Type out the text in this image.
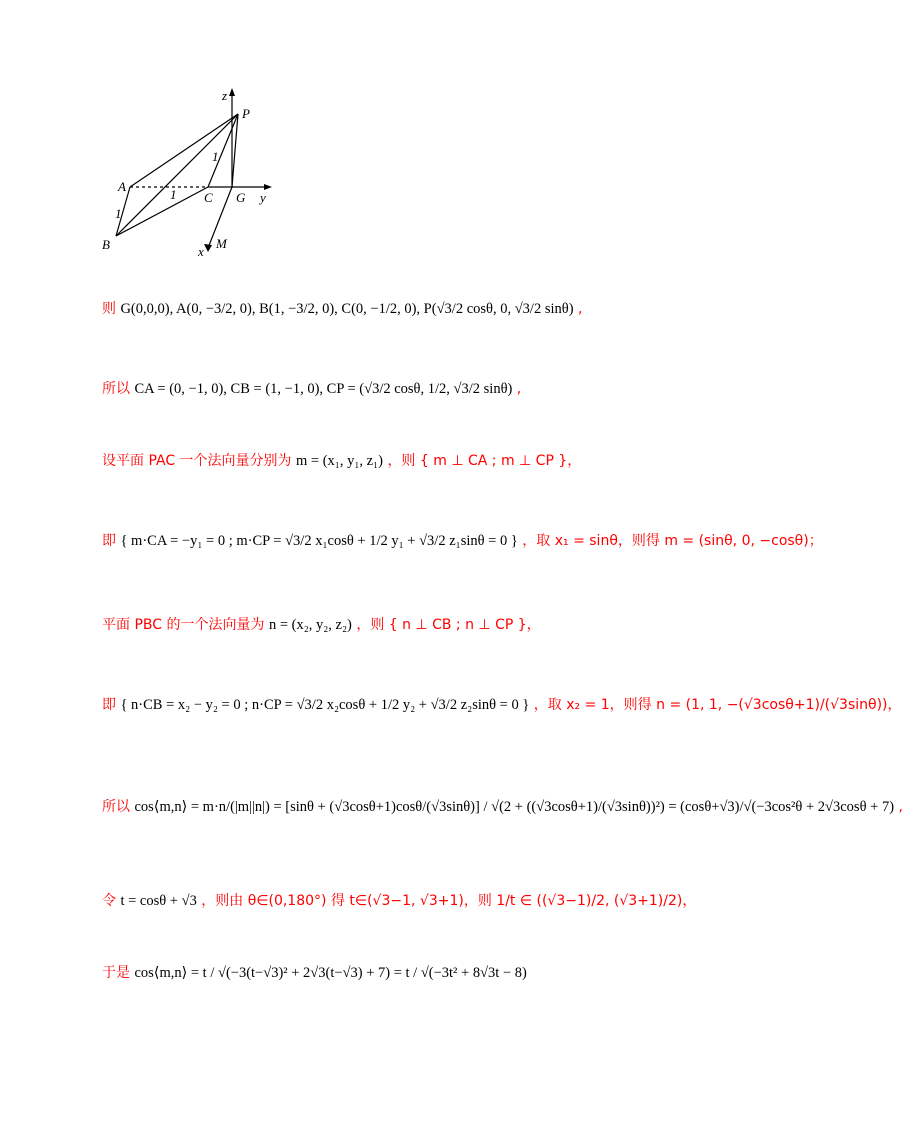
z
P
A
C G y
B	x
M
1
1
1
则 G(0,0,0), A(0, −3/2, 0), B(1, −3/2, 0), C(0, −1/2, 0), P(√3/2 cosθ, 0, √3/2 sinθ) ,
所以 CA = (0, −1, 0), CB = (1, −1, 0), CP = (√3/2 cosθ, 1/2, √3/2 sinθ) ,
设平面 PAC 一个法向量分别为 m = (x₁, y₁, z₁) ，则 { m ⊥ CA ; m ⊥ CP }，
即 { m·CA = −y₁ = 0 ; m·CP = √3/2 x₁cosθ + 1/2 y₁ + √3/2 z₁sinθ = 0 } ，取 x₁ = sinθ，则得 m = (sinθ, 0, −cosθ)；
平面 PBC 的一个法向量为 n = (x₂, y₂, z₂) ，则 { n ⊥ CB ; n ⊥ CP }，
即 { n·CB = x₂ − y₂ = 0 ; n·CP = √3/2 x₂cosθ + 1/2 y₂ + √3/2 z₂sinθ = 0 } ，取 x₂ = 1，则得 n = (1, 1, −(√3cosθ+1)/(√3sinθ))，
所以 cos⟨m,n⟩ = m·n/(|m||n|) = [sinθ + (√3cosθ+1)cosθ/(√3sinθ)] / √(2 + ((√3cosθ+1)/(√3sinθ))²) = (cosθ+√3)/√(−3cos²θ + 2√3cosθ + 7) ,
令 t = cosθ + √3 ，则由 θ∈(0,180°) 得 t∈(√3−1, √3+1)，则 1/t ∈ ((√3−1)/2, (√3+1)/2)，
于是 cos⟨m,n⟩ = t / √(−3(t−√3)² + 2√3(t−√3) + 7) = t / √(−3t² + 8√3t − 8)
